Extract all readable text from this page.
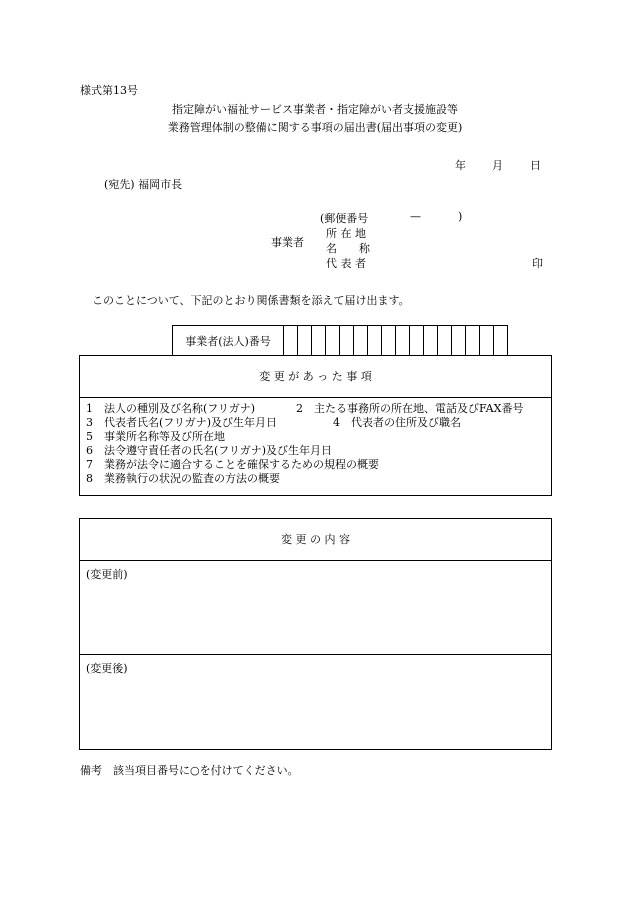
様式第13号
指定障がい福祉サービス事業者・指定障がい者支援施設等
業務管理体制の整備に関する事項の届出書(届出事項の変更)
年 月 日
(宛先) 福岡市長
事業者
(郵便番号	—	)
所 在 地
名　　称
代 表 者	印
このことについて、下記のとおり関係書類を添えて届け出ます。
事業者(法人)番号																
変 更 が あ っ た 事 項
1　法人の種別及び名称(フリガナ)	2　主たる事務所の所在地、電話及びFAX番号
3　代表者氏名(フリガナ)及び生年月日	4　代表者の住所及び職名
5　事業所名称等及び所在地
6　法令遵守責任者の氏名(フリガナ)及び生年月日
7　業務が法令に適合することを確保するための規程の概要
8　業務執行の状況の監査の方法の概要
変 更 の 内 容
(変更前)
(変更後)
備考　該当項目番号に○を付けてください。
